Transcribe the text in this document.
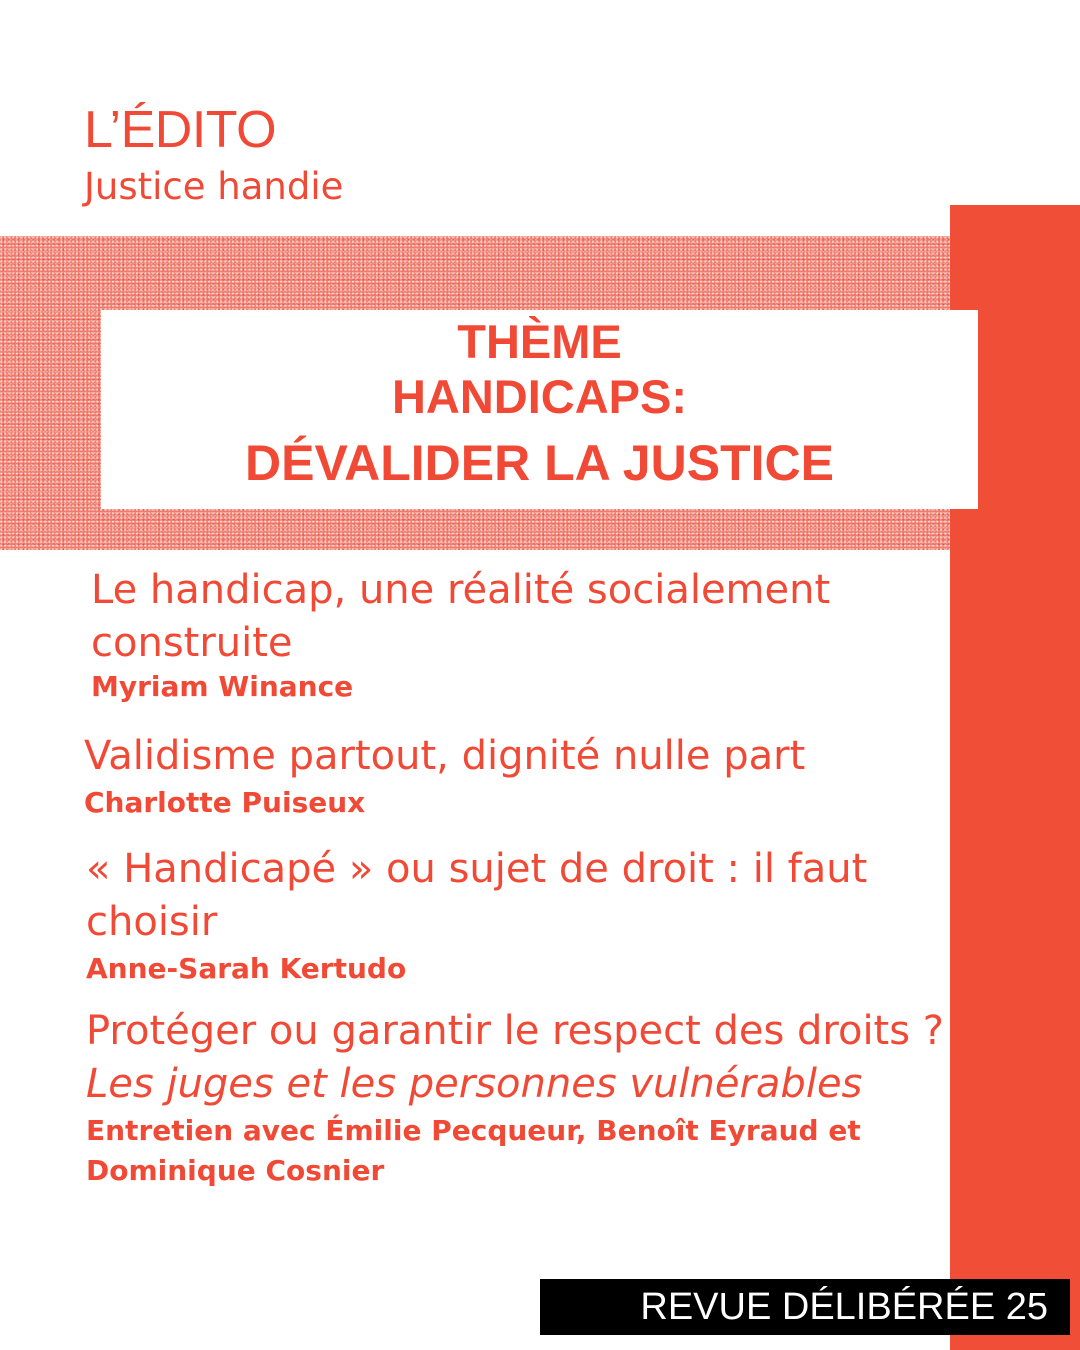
L’ÉDITO
Justice handie
THÈME
HANDICAPS:
DÉVALIDER LA JUSTICE
Le handicap, une réalité socialement construite
Myriam Winance
Validisme partout, dignité nulle part
Charlotte Puiseux
« Handicapé » ou sujet de droit : il faut choisir
Anne-Sarah Kertudo
Protéger ou garantir le respect des droits ?
Les juges et les personnes vulnérables
Entretien avec Émilie Pecqueur, Benoît Eyraud et Dominique Cosnier
REVUE DÉLIBÉRÉE 25
